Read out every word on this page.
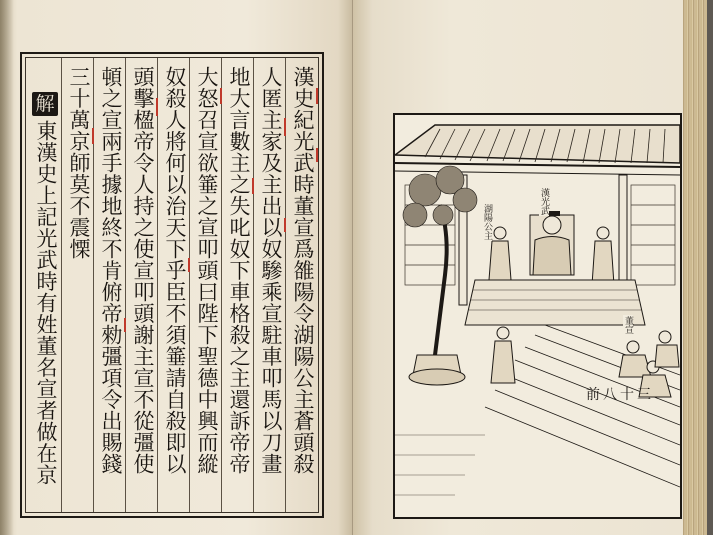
漢史紀光武時董宣爲雒陽令湖陽公主蒼頭殺
人匿主家及主出以奴驂乘宣駐車叩馬以刀畫
地大言數主之失叱奴下車格殺之主還訴帝帝
大怒召宣欲箠之宣叩頭曰陛下聖德中興而縱
奴殺人將何以治天下乎臣不須箠請自殺即以
頭擊楹帝令人持之使宣叩頭謝主宣不從彊使
頓之宣兩手據地終不肯俯帝勑彊項令出賜錢
三十萬京師莫不震慄
解
東漢史上記光武時有姓董名宣者做在京	湖陽公主
漢光武
董宣
前八十三
